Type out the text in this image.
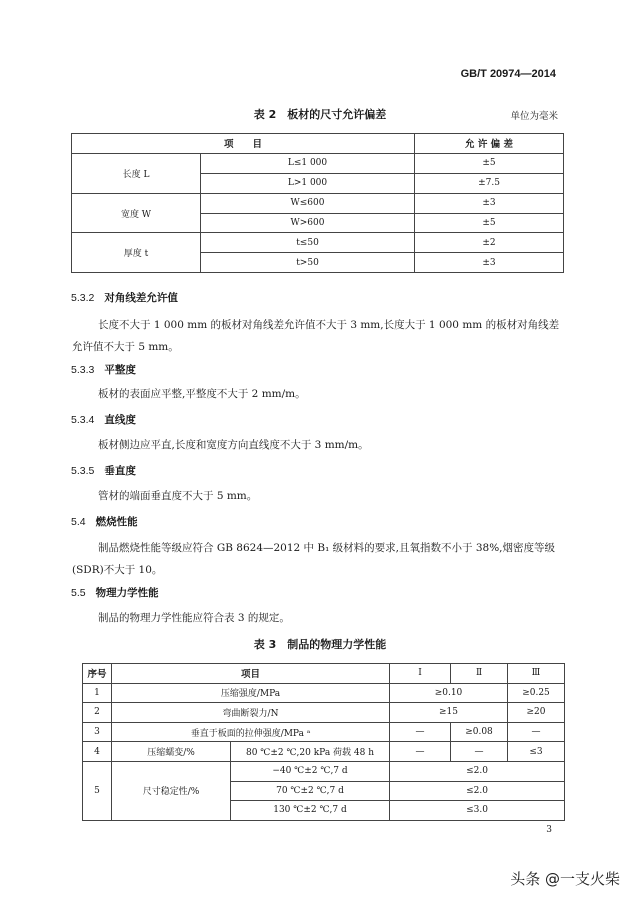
GB/T 20974—2014
表 2　板材的尺寸允许偏差	单位为毫米
项　　目		允 许 偏 差
长度 L	L≤1 000	±5
	L>1 000	±7.5
宽度 W	W≤600	±3
	W>600	±5
厚度 t	t≤50	±2
	t>50	±3
5.3.2 对角线差允许值
长度不大于 1 000 mm 的板材对角线差允许值不大于 3 mm,长度大于 1 000 mm 的板材对角线差
允许值不大于 5 mm。
5.3.3 平整度
板材的表面应平整,平整度不大于 2 mm/m。
5.3.4 直线度
板材侧边应平直,长度和宽度方向直线度不大于 3 mm/m。
5.3.5 垂直度
管材的端面垂直度不大于 5 mm。
5.4 燃烧性能
制品燃烧性能等级应符合 GB 8624—2012 中 B₁ 级材料的要求,且氧指数不小于 38%,烟密度等级
(SDR)不大于 10。
5.5 物理力学性能
制品的物理力学性能应符合表 3 的规定。
表 3　制品的物理力学性能
序号	项目		Ⅰ	Ⅱ	Ⅲ
1	压缩强度/MPa		≥0.10		≥0.25
2	弯曲断裂力/N		≥15		≥20
3	垂直于板面的拉伸强度/MPa ᵃ		—	≥0.08	—
4	压缩蠕变/%	80 ℃±2 ℃,20 kPa 荷载 48 h	—	—	≤3
5	尺寸稳定性/%	−40 ℃±2 ℃,7 d	≤2.0		
		70 ℃±2 ℃,7 d	≤2.0		
		130 ℃±2 ℃,7 d	≤3.0		
3
头条 @一支火柴
